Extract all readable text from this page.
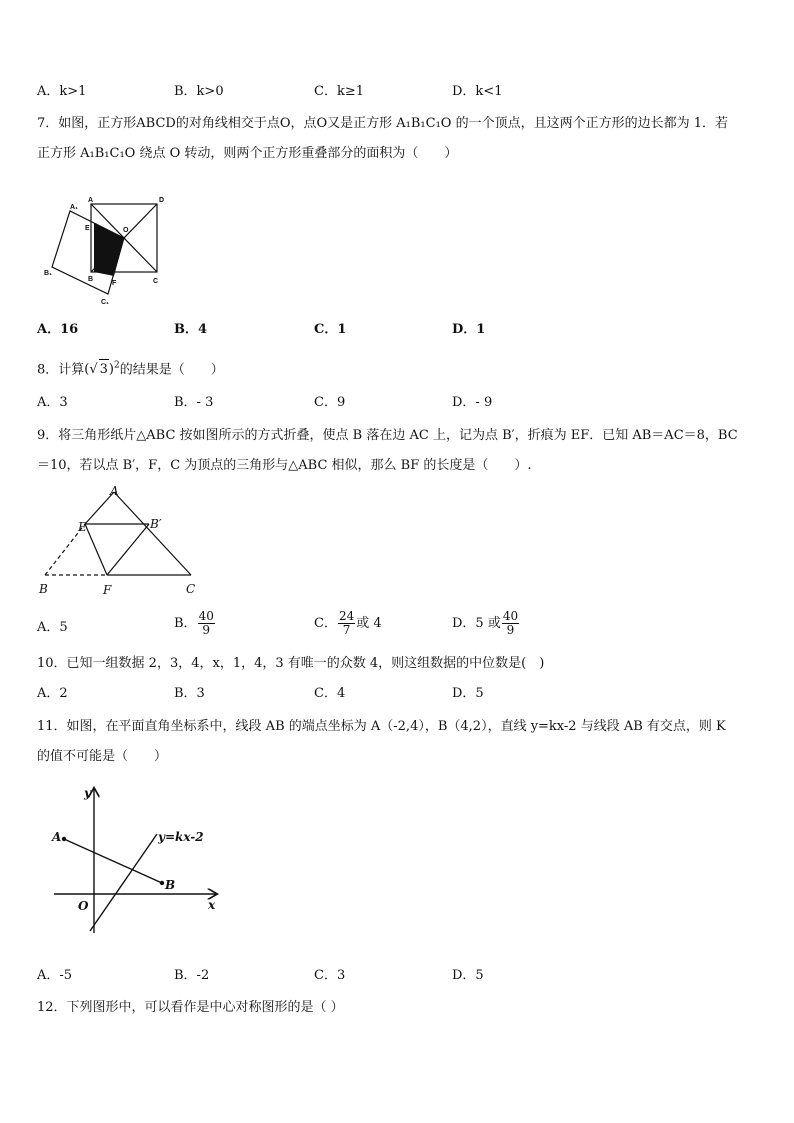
A．k>1	B．k>0	C．k≥1	D．k<1
7．如图，正方形ABCD的对角线相交于点O，点O又是正方形 A₁B₁C₁O 的一个顶点，且这两个正方形的边长都为 1．若
正方形 A₁B₁C₁O 绕点 O 转动，则两个正方形重叠部分的面积为（　　）
A	D
A₁
E	O
B₁
B
F	C
C₁
A．16	B．4	C．1	D．1
8．计算(√ 3)$^2$的结果是（　　）
A．3	B．- 3	C．9	D．- 9
9．将三角形纸片△ABC 按如图所示的方式折叠，使点 B 落在边 AC 上，记为点 B′，折痕为 EF．已知 AB＝AC＝8，BC
＝10，若以点 B′，F，C 为顶点的三角形与△ABC 相似，那么 BF 的长度是（　　）.
A
E	B′
B	F	C
A．5	B． $\frac{40}{9}$	C． $\frac{24}{7}$ 或 4	D．5 或 $\frac{40}{9}$
10．已知一组数据 2，3，4，x，1，4，3 有唯一的众数 4，则这组数据的中位数是(　)
A．2	B．3	C．4	D．5
11．如图，在平面直角坐标系中，线段 AB 的端点坐标为 A（-2,4），B（4,2），直线 y=kx-2 与线段 AB 有交点，则 K
的值不可能是（　　）
y
A	y=kx-2
B
O	x
A．-5	B．-2	C．3	D．5
12．下列图形中，可以看作是中心对称图形的是（ ）
